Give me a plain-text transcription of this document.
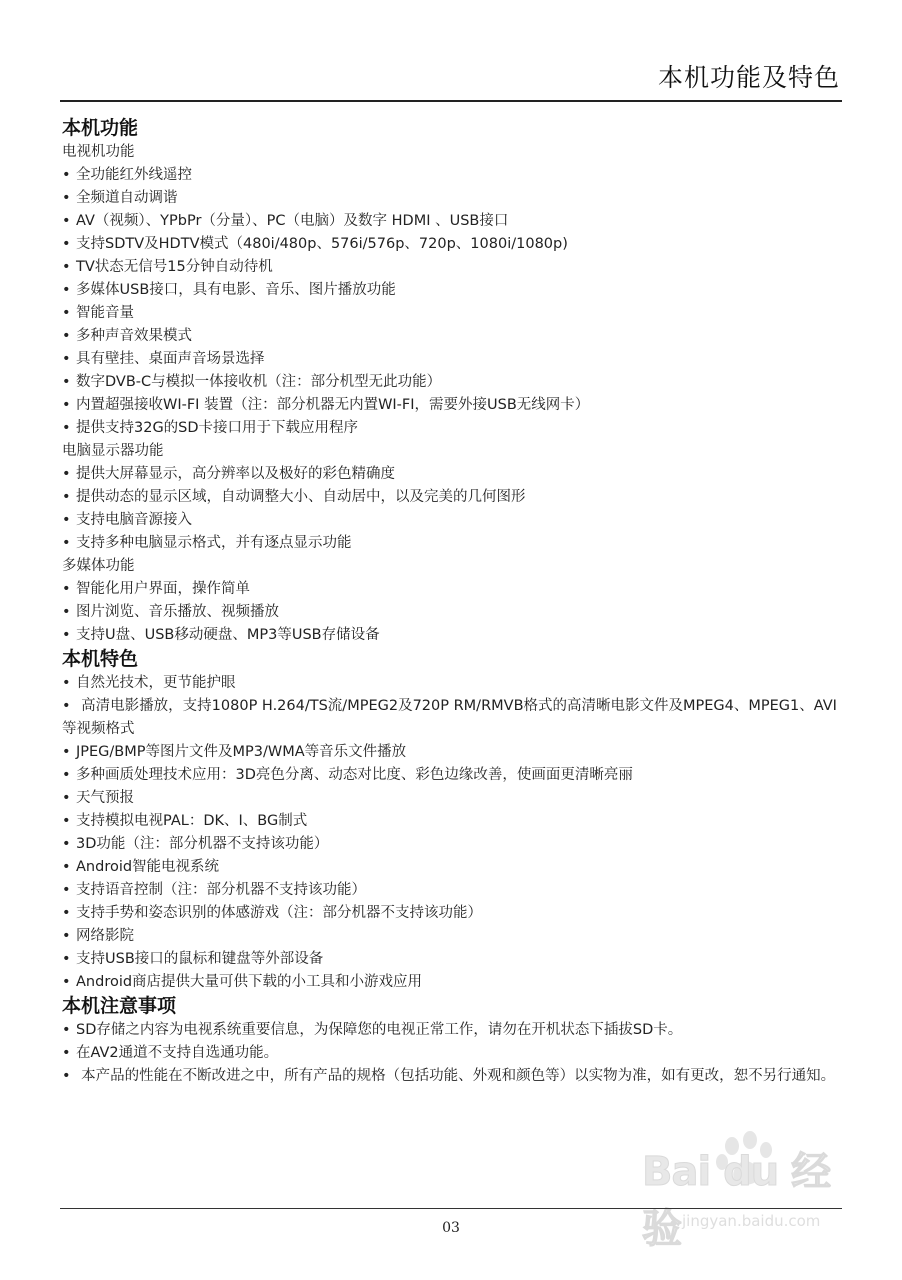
本机功能及特色
本机功能
电视机功能
• 全功能红外线遥控
• 全频道自动调谐
• AV（视频）、YPbPr（分量）、PC（电脑）及数字 HDMI 、USB接口
• 支持SDTV及HDTV模式（480i/480p、576i/576p、720p、1080i/1080p)
• TV状态无信号15分钟自动待机
• 多媒体USB接口，具有电影、音乐、图片播放功能
• 智能音量
• 多种声音效果模式
• 具有壁挂、桌面声音场景选择
• 数字DVB-C与模拟一体接收机（注：部分机型无此功能）
• 内置超强接收WI-FI 装置（注：部分机器无内置WI-FI，需要外接USB无线网卡）
• 提供支持32G的SD卡接口用于下载应用程序
电脑显示器功能
• 提供大屏幕显示，高分辨率以及极好的彩色精确度
• 提供动态的显示区域，自动调整大小、自动居中，以及完美的几何图形
• 支持电脑音源接入
• 支持多种电脑显示格式，并有逐点显示功能
多媒体功能
• 智能化用户界面，操作简单
• 图片浏览、音乐播放、视频播放
• 支持U盘、USB移动硬盘、MP3等USB存储设备
本机特色
• 自然光技术，更节能护眼
• 高清电影播放，支持1080P H.264/TS流/MPEG2及720P RM/RMVB格式的高清晰电影文件及MPEG4、MPEG1、AVI等视频格式
• JPEG/BMP等图片文件及MP3/WMA等音乐文件播放
• 多种画质处理技术应用：3D亮色分离、动态对比度、彩色边缘改善，使画面更清晰亮丽
• 天气预报
• 支持模拟电视PAL：DK、I、BG制式
• 3D功能（注：部分机器不支持该功能）
• Android智能电视系统
• 支持语音控制（注：部分机器不支持该功能）
• 支持手势和姿态识别的体感游戏（注：部分机器不支持该功能）
• 网络影院
• 支持USB接口的鼠标和键盘等外部设备
• Android商店提供大量可供下载的小工具和小游戏应用
本机注意事项
• SD存储之内容为电视系统重要信息，为保障您的电视正常工作，请勿在开机状态下插拔SD卡。
• 在AV2通道不支持自选通功能。
• 本产品的性能在不断改进之中，所有产品的规格（包括功能、外观和颜色等）以实物为准，如有更改，恕不另行通知。
Bai du 经验 jingyan.baidu.com
03
